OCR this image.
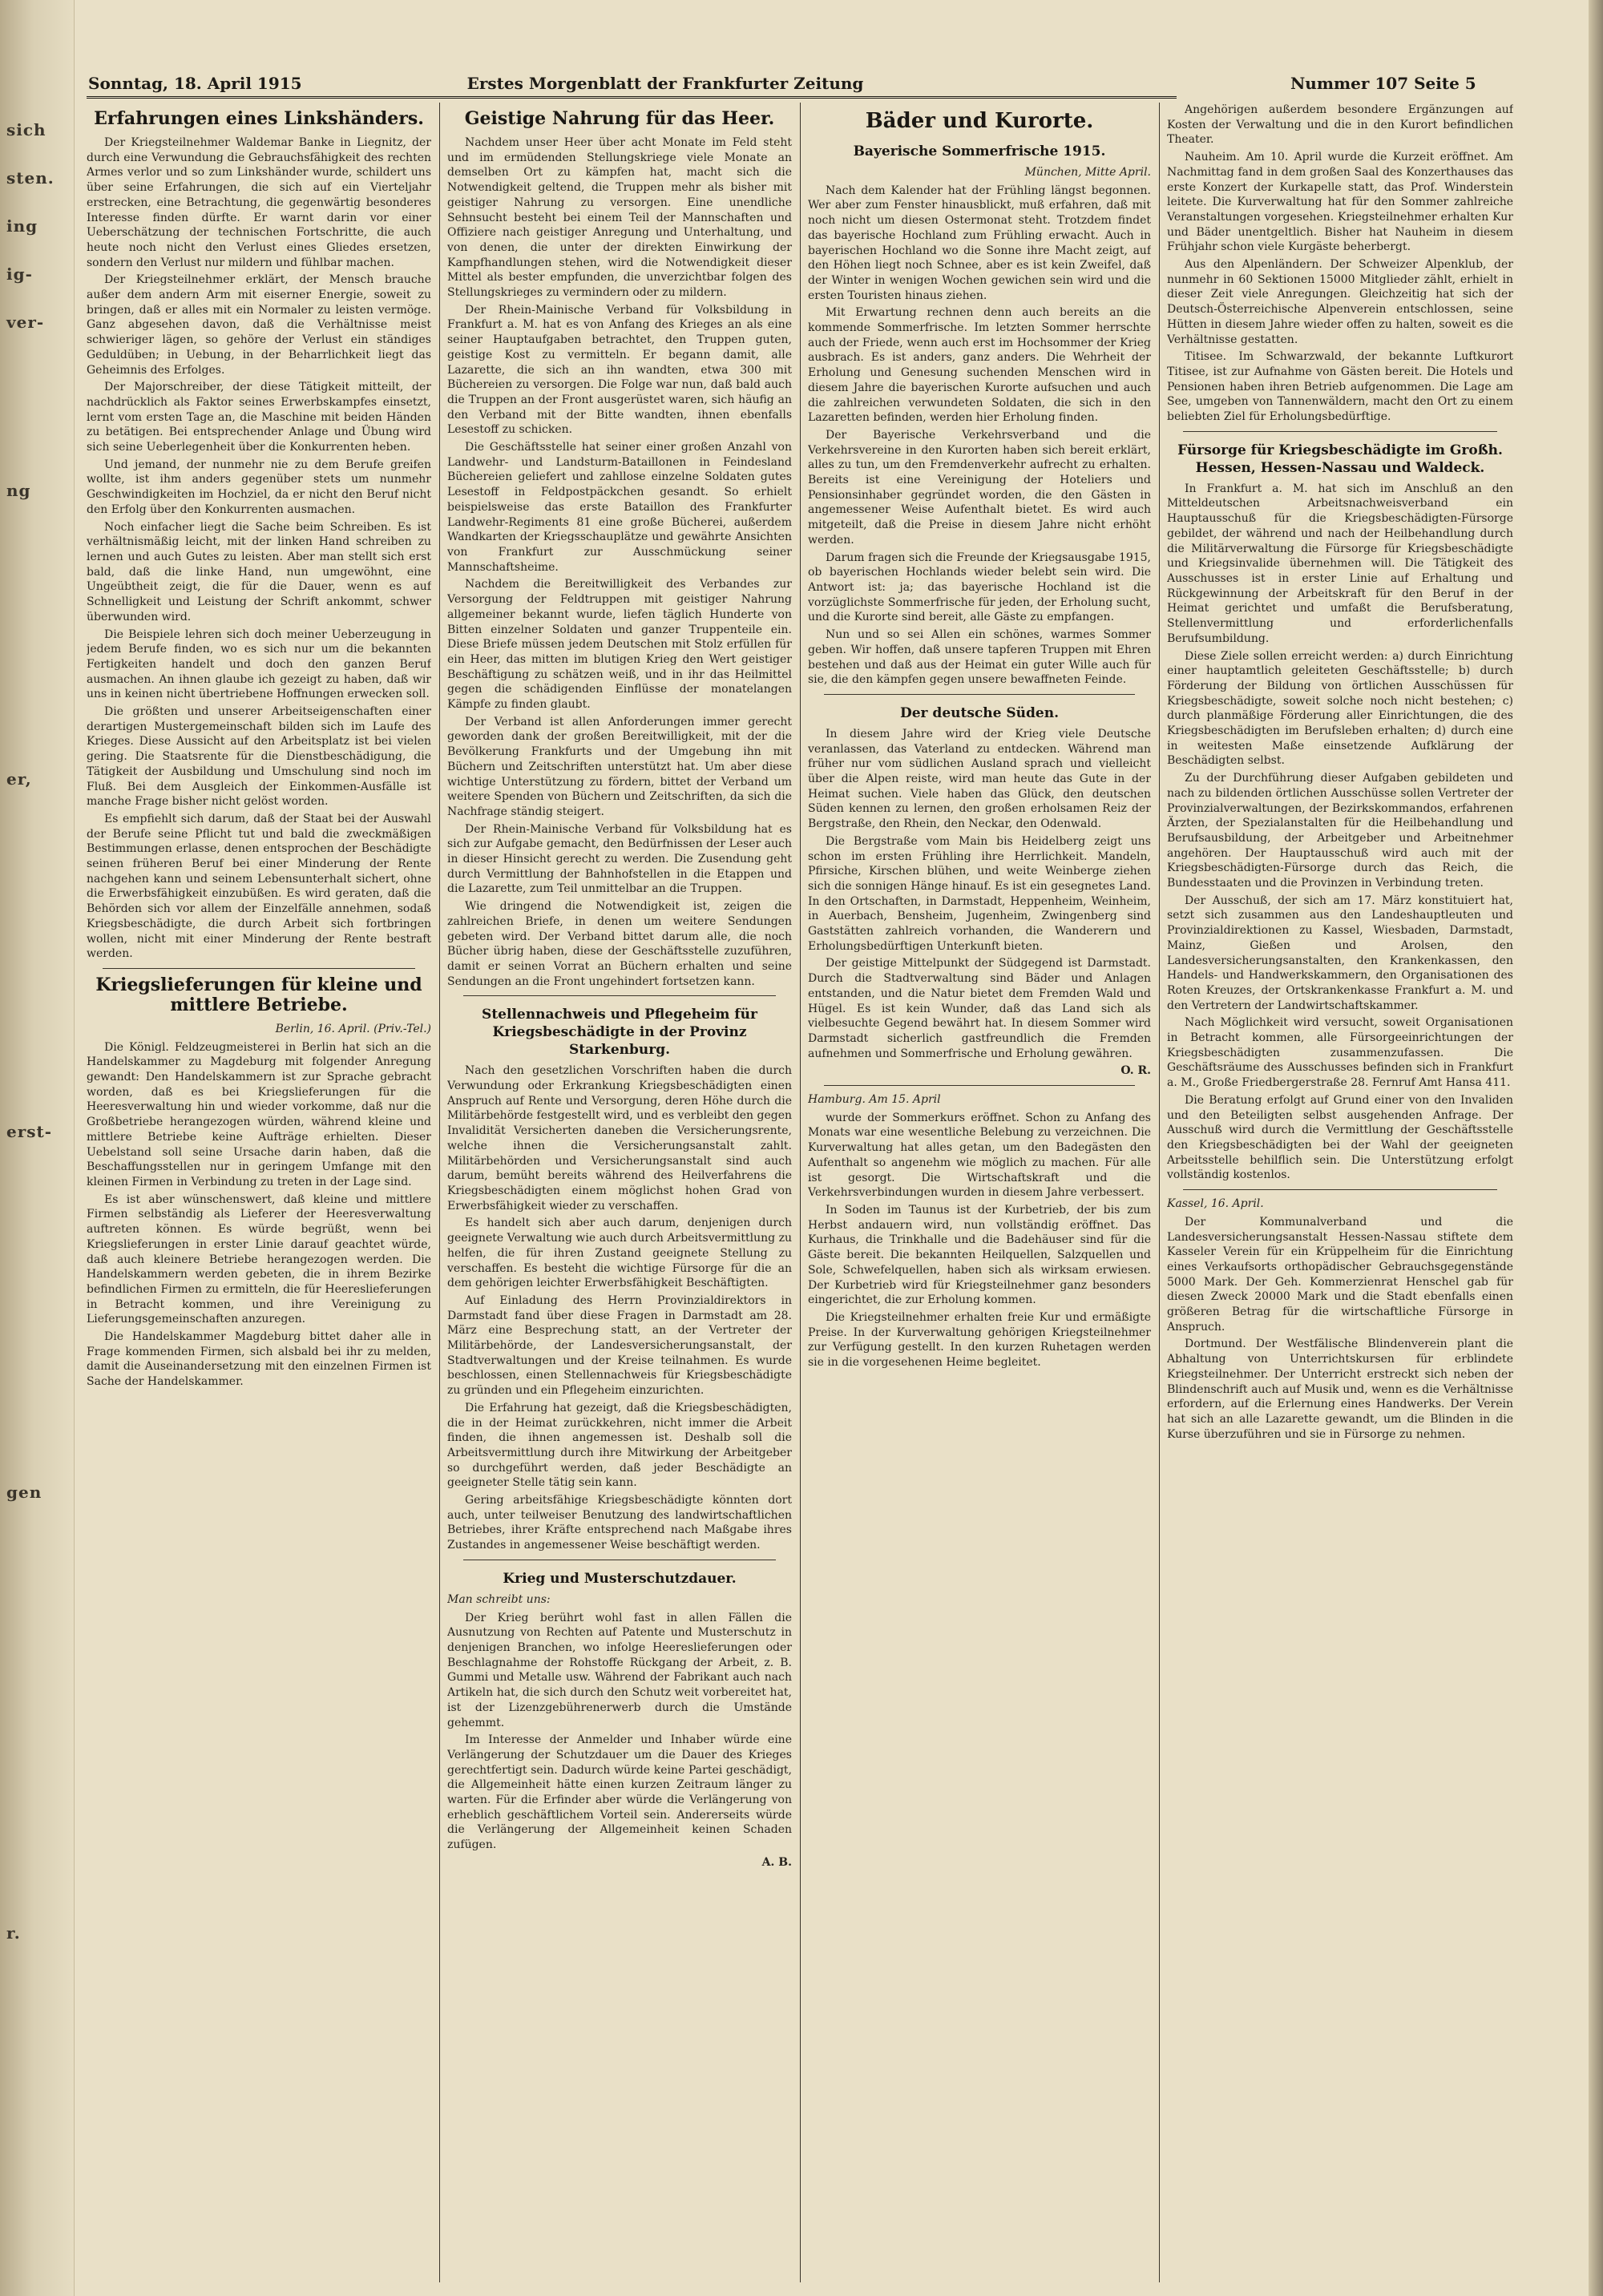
sich
sten.
ing
ig-
ver-
ng
er,
erst-
gen
r.
Sonntag, 18. April 1915	Erstes Morgenblatt der Frankfurter Zeitung	Nummer 107 Seite 5
Erfahrungen eines Linkshänders.

Der Kriegsteilnehmer Waldemar Banke in Liegnitz, der durch eine Verwundung die Gebrauchsfähigkeit des rechten Armes verlor und so zum Linkshänder wurde, schildert uns über seine Erfahrungen, die sich auf ein Vierteljahr erstrecken, eine Betrachtung, die gegenwärtig besonderes Interesse finden dürfte. Er warnt darin vor einer Ueberschätzung der technischen Fortschritte, die auch heute noch nicht den Verlust eines Gliedes ersetzen, sondern den Verlust nur mildern und fühlbar machen.

Der Kriegsteilnehmer erklärt, der Mensch brauche außer dem andern Arm mit eiserner Energie, soweit zu bringen, daß er alles mit ein Normaler zu leisten vermöge. Ganz abgesehen davon, daß die Verhältnisse meist schwieriger lägen, so gehöre der Verlust ein ständiges Geduldüben; in Uebung, in der Beharrlichkeit liegt das Geheimnis des Erfolges.

Der Majorschreiber, der diese Tätigkeit mitteilt, der nachdrücklich als Faktor seines Erwerbskampfes einsetzt, lernt vom ersten Tage an, die Maschine mit beiden Händen zu betätigen. Bei entsprechender Anlage und Übung wird sich seine Ueberlegenheit über die Konkurrenten heben.

Und jemand, der nunmehr nie zu dem Berufe greifen wollte, ist ihm anders gegenüber stets um nunmehr Geschwindigkeiten im Hochziel, da er nicht den Beruf nicht den Erfolg über den Konkurrenten ausmachen.

Noch einfacher liegt die Sache beim Schreiben. Es ist verhältnismäßig leicht, mit der linken Hand schreiben zu lernen und auch Gutes zu leisten. Aber man stellt sich erst bald, daß die linke Hand, nun umgewöhnt, eine Ungeübtheit zeigt, die für die Dauer, wenn es auf Schnelligkeit und Leistung der Schrift ankommt, schwer überwunden wird.

Die Beispiele lehren sich doch meiner Ueberzeugung in jedem Berufe finden, wo es sich nur um die bekannten Fertigkeiten handelt und doch den ganzen Beruf ausmachen. An ihnen glaube ich gezeigt zu haben, daß wir uns in keinen nicht übertriebene Hoffnungen erwecken soll.

Die größten und unserer Arbeitseigenschaften einer derartigen Mustergemeinschaft bilden sich im Laufe des Krieges. Diese Aussicht auf den Arbeitsplatz ist bei vielen gering. Die Staatsrente für die Dienstbeschädigung, die Tätigkeit der Ausbildung und Umschulung sind noch im Fluß. Bei dem Ausgleich der Einkommen-Ausfälle ist manche Frage bisher nicht gelöst worden.

Es empfiehlt sich darum, daß der Staat bei der Auswahl der Berufe seine Pflicht tut und bald die zweckmäßigen Bestimmungen erlasse, denen entsprochen der Beschädigte seinen früheren Beruf bei einer Minderung der Rente nachgehen kann und seinem Lebensunterhalt sichert, ohne die Erwerbsfähigkeit einzubüßen. Es wird geraten, daß die Behörden sich vor allem der Einzelfälle annehmen, sodaß Kriegsbeschädigte, die durch Arbeit sich fortbringen wollen, nicht mit einer Minderung der Rente bestraft werden.

Kriegslieferungen für kleine und mittlere Betriebe.

Berlin, 16. April. (Priv.-Tel.)

Die Königl. Feldzeugmeisterei in Berlin hat sich an die Handelskammer zu Magdeburg mit folgender Anregung gewandt: Den Handelskammern ist zur Sprache gebracht worden, daß es bei Kriegslieferungen für die Heeresverwaltung hin und wieder vorkomme, daß nur die Großbetriebe herangezogen würden, während kleine und mittlere Betriebe keine Aufträge erhielten. Dieser Uebelstand soll seine Ursache darin haben, daß die Beschaffungsstellen nur in geringem Umfange mit den kleinen Firmen in Verbindung zu treten in der Lage sind.

Es ist aber wünschenswert, daß kleine und mittlere Firmen selbständig als Lieferer der Heeresverwaltung auftreten können. Es würde begrüßt, wenn bei Kriegslieferungen in erster Linie darauf geachtet würde, daß auch kleinere Betriebe herangezogen werden. Die Handelskammern werden gebeten, die in ihrem Bezirke befindlichen Firmen zu ermitteln, die für Heereslieferungen in Betracht kommen, und ihre Vereinigung zu Lieferungsgemeinschaften anzuregen.

Die Handelskammer Magdeburg bittet daher alle in Frage kommenden Firmen, sich alsbald bei ihr zu melden, damit die Auseinandersetzung mit den einzelnen Firmen ist Sache der Handelskammer.

Geistige Nahrung für das Heer.

Nachdem unser Heer über acht Monate im Feld steht und im ermüdenden Stellungskriege viele Monate an demselben Ort zu kämpfen hat, macht sich die Notwendigkeit geltend, die Truppen mehr als bisher mit geistiger Nahrung zu versorgen. Eine unendliche Sehnsucht besteht bei einem Teil der Mannschaften und Offiziere nach geistiger Anregung und Unterhaltung, und von denen, die unter der direkten Einwirkung der Kampfhandlungen stehen, wird die Notwendigkeit dieser Mittel als bester empfunden, die unverzichtbar folgen des Stellungskrieges zu vermindern oder zu mildern.

Der Rhein-Mainische Verband für Volksbildung in Frankfurt a. M. hat es von Anfang des Krieges an als eine seiner Hauptaufgaben betrachtet, den Truppen guten, geistige Kost zu vermitteln. Er begann damit, alle Lazarette, die sich an ihn wandten, etwa 300 mit Büchereien zu versorgen. Die Folge war nun, daß bald auch die Truppen an der Front ausgerüstet waren, sich häufig an den Verband mit der Bitte wandten, ihnen ebenfalls Lesestoff zu schicken.

Die Geschäftsstelle hat seiner einer großen Anzahl von Landwehr- und Landsturm-Bataillonen in Feindesland Büchereien geliefert und zahllose einzelne Soldaten gutes Lesestoff in Feldpostpäckchen gesandt. So erhielt beispielsweise das erste Bataillon des Frankfurter Landwehr-Regiments 81 eine große Bücherei, außerdem Wandkarten der Kriegsschauplätze und gewährte Ansichten von Frankfurt zur Ausschmückung seiner Mannschaftsheime.

Nachdem die Bereitwilligkeit des Verbandes zur Versorgung der Feldtruppen mit geistiger Nahrung allgemeiner bekannt wurde, liefen täglich Hunderte von Bitten einzelner Soldaten und ganzer Truppenteile ein. Diese Briefe müssen jedem Deutschen mit Stolz erfüllen für ein Heer, das mitten im blutigen Krieg den Wert geistiger Beschäftigung zu schätzen weiß, und in ihr das Heilmittel gegen die schädigenden Einflüsse der monatelangen Kämpfe zu finden glaubt.

Der Verband ist allen Anforderungen immer gerecht geworden dank der großen Bereitwilligkeit, mit der die Bevölkerung Frankfurts und der Umgebung ihn mit Büchern und Zeitschriften unterstützt hat. Um aber diese wichtige Unterstützung zu fördern, bittet der Verband um weitere Spenden von Büchern und Zeitschriften, da sich die Nachfrage ständig steigert.

Der Rhein-Mainische Verband für Volksbildung hat es sich zur Aufgabe gemacht, den Bedürfnissen der Leser auch in dieser Hinsicht gerecht zu werden. Die Zusendung geht durch Vermittlung der Bahnhofstellen in die Etappen und die Lazarette, zum Teil unmittelbar an die Truppen.

Wie dringend die Notwendigkeit ist, zeigen die zahlreichen Briefe, in denen um weitere Sendungen gebeten wird. Der Verband bittet darum alle, die noch Bücher übrig haben, diese der Geschäftsstelle zuzuführen, damit er seinen Vorrat an Büchern erhalten und seine Sendungen an die Front ungehindert fortsetzen kann.

Stellennachweis und Pflegeheim für Kriegsbeschädigte in der Provinz Starkenburg.

Nach den gesetzlichen Vorschriften haben die durch Verwundung oder Erkrankung Kriegsbeschädigten einen Anspruch auf Rente und Versorgung, deren Höhe durch die Militärbehörde festgestellt wird, und es verbleibt den gegen Invalidität Versicherten daneben die Versicherungsrente, welche ihnen die Versicherungsanstalt zahlt. Militärbehörden und Versicherungsanstalt sind auch darum, bemüht bereits während des Heilverfahrens die Kriegsbeschädigten einem möglichst hohen Grad von Erwerbsfähigkeit wieder zu verschaffen.

Es handelt sich aber auch darum, denjenigen durch geeignete Verwaltung wie auch durch Arbeitsvermittlung zu helfen, die für ihren Zustand geeignete Stellung zu verschaffen. Es besteht die wichtige Fürsorge für die an dem gehörigen leichter Erwerbsfähigkeit Beschäftigten.

Auf Einladung des Herrn Provinzialdirektors in Darmstadt fand über diese Fragen in Darmstadt am 28. März eine Besprechung statt, an der Vertreter der Militärbehörde, der Landesversicherungsanstalt, der Stadtverwaltungen und der Kreise teilnahmen. Es wurde beschlossen, einen Stellennachweis für Kriegsbeschädigte zu gründen und ein Pflegeheim einzurichten.

Die Erfahrung hat gezeigt, daß die Kriegsbeschädigten, die in der Heimat zurückkehren, nicht immer die Arbeit finden, die ihnen angemessen ist. Deshalb soll die Arbeitsvermittlung durch ihre Mitwirkung der Arbeitgeber so durchgeführt werden, daß jeder Beschädigte an geeigneter Stelle tätig sein kann.

Gering arbeitsfähige Kriegsbeschädigte könnten dort auch, unter teilweiser Benutzung des landwirtschaftlichen Betriebes, ihrer Kräfte entsprechend nach Maßgabe ihres Zustandes in angemessener Weise beschäftigt werden.

Krieg und Musterschutzdauer.

Man schreibt uns:

Der Krieg berührt wohl fast in allen Fällen die Ausnutzung von Rechten auf Patente und Musterschutz in denjenigen Branchen, wo infolge Heereslieferungen oder Beschlagnahme der Rohstoffe Rückgang der Arbeit, z. B. Gummi und Metalle usw. Während der Fabrikant auch nach Artikeln hat, die sich durch den Schutz weit vorbereitet hat, ist der Lizenzgebührenerwerb durch die Umstände gehemmt.

Im Interesse der Anmelder und Inhaber würde eine Verlängerung der Schutzdauer um die Dauer des Krieges gerechtfertigt sein. Dadurch würde keine Partei geschädigt, die Allgemeinheit hätte einen kurzen Zeitraum länger zu warten. Für die Erfinder aber würde die Verlängerung von erheblich geschäftlichem Vorteil sein. Andererseits würde die Verlängerung der Allgemeinheit keinen Schaden zufügen.

A. B.

Bäder und Kurorte.
Bayerische Sommerfrische 1915.

München, Mitte April.

Nach dem Kalender hat der Frühling längst begonnen. Wer aber zum Fenster hinausblickt, muß erfahren, daß mit noch nicht um diesen Ostermonat steht. Trotzdem findet das bayerische Hochland zum Frühling erwacht. Auch in bayerischen Hochland wo die Sonne ihre Macht zeigt, auf den Höhen liegt noch Schnee, aber es ist kein Zweifel, daß der Winter in wenigen Wochen gewichen sein wird und die ersten Touristen hinaus ziehen.

Mit Erwartung rechnen denn auch bereits an die kommende Sommerfrische. Im letzten Sommer herrschte auch der Friede, wenn auch erst im Hochsommer der Krieg ausbrach. Es ist anders, ganz anders. Die Wehrheit der Erholung und Genesung suchenden Menschen wird in diesem Jahre die bayerischen Kurorte aufsuchen und auch die zahlreichen verwundeten Soldaten, die sich in den Lazaretten befinden, werden hier Erholung finden.

Der Bayerische Verkehrsverband und die Verkehrsvereine in den Kurorten haben sich bereit erklärt, alles zu tun, um den Fremdenverkehr aufrecht zu erhalten. Bereits ist eine Vereinigung der Hoteliers und Pensionsinhaber gegründet worden, die den Gästen in angemessener Weise Aufenthalt bietet. Es wird auch mitgeteilt, daß die Preise in diesem Jahre nicht erhöht werden.

Darum fragen sich die Freunde der Kriegsausgabe 1915, ob bayerischen Hochlands wieder belebt sein wird. Die Antwort ist: ja; das bayerische Hochland ist die vorzüglichste Sommerfrische für jeden, der Erholung sucht, und die Kurorte sind bereit, alle Gäste zu empfangen.

Nun und so sei Allen ein schönes, warmes Sommer geben. Wir hoffen, daß unsere tapferen Truppen mit Ehren bestehen und daß aus der Heimat ein guter Wille auch für sie, die den kämpfen gegen unsere bewaffneten Feinde.

Der deutsche Süden.

In diesem Jahre wird der Krieg viele Deutsche veranlassen, das Vaterland zu entdecken. Während man früher nur vom südlichen Ausland sprach und vielleicht über die Alpen reiste, wird man heute das Gute in der Heimat suchen. Viele haben das Glück, den deutschen Süden kennen zu lernen, den großen erholsamen Reiz der Bergstraße, den Rhein, den Neckar, den Odenwald.

Die Bergstraße vom Main bis Heidelberg zeigt uns schon im ersten Frühling ihre Herrlichkeit. Mandeln, Pfirsiche, Kirschen blühen, und weite Weinberge ziehen sich die sonnigen Hänge hinauf. Es ist ein gesegnetes Land. In den Ortschaften, in Darmstadt, Heppenheim, Weinheim, in Auerbach, Bensheim, Jugenheim, Zwingenberg sind Gaststätten zahlreich vorhanden, die Wanderern und Erholungsbedürftigen Unterkunft bieten.

Der geistige Mittelpunkt der Südgegend ist Darmstadt. Durch die Stadtverwaltung sind Bäder und Anlagen entstanden, und die Natur bietet dem Fremden Wald und Hügel. Es ist kein Wunder, daß das Land sich als vielbesuchte Gegend bewährt hat. In diesem Sommer wird Darmstadt sicherlich gastfreundlich die Fremden aufnehmen und Sommerfrische und Erholung gewähren.

O. R.

Hamburg. Am 15. April

wurde der Sommerkurs eröffnet. Schon zu Anfang des Monats war eine wesentliche Belebung zu verzeichnen. Die Kurverwaltung hat alles getan, um den Badegästen den Aufenthalt so angenehm wie möglich zu machen. Für alle ist gesorgt. Die Wirtschaftskraft und die Verkehrsverbindungen wurden in diesem Jahre verbessert.

In Soden im Taunus ist der Kurbetrieb, der bis zum Herbst andauern wird, nun vollständig eröffnet. Das Kurhaus, die Trinkhalle und die Badehäuser sind für die Gäste bereit. Die bekannten Heilquellen, Salzquellen und Sole, Schwefelquellen, haben sich als wirksam erwiesen. Der Kurbetrieb wird für Kriegsteilnehmer ganz besonders eingerichtet, die zur Erholung kommen.

Die Kriegsteilnehmer erhalten freie Kur und ermäßigte Preise. In der Kurverwaltung gehörigen Kriegsteilnehmer zur Verfügung gestellt. In den kurzen Ruhetagen werden sie in die vorgesehenen Heime begleitet.

Angehörigen außerdem besondere Ergänzungen auf Kosten der Verwaltung und die in den Kurort befindlichen Theater.

Nauheim. Am 10. April wurde die Kurzeit eröffnet. Am Nachmittag fand in dem großen Saal des Konzerthauses das erste Konzert der Kurkapelle statt, das Prof. Winderstein leitete. Die Kurverwaltung hat für den Sommer zahlreiche Veranstaltungen vorgesehen. Kriegsteilnehmer erhalten Kur und Bäder unentgeltlich. Bisher hat Nauheim in diesem Frühjahr schon viele Kurgäste beherbergt.

Aus den Alpenländern. Der Schweizer Alpenklub, der nunmehr in 60 Sektionen 15000 Mitglieder zählt, erhielt in dieser Zeit viele Anregungen. Gleichzeitig hat sich der Deutsch-Österreichische Alpenverein entschlossen, seine Hütten in diesem Jahre wieder offen zu halten, soweit es die Verhältnisse gestatten.

Titisee. Im Schwarzwald, der bekannte Luftkurort Titisee, ist zur Aufnahme von Gästen bereit. Die Hotels und Pensionen haben ihren Betrieb aufgenommen. Die Lage am See, umgeben von Tannenwäldern, macht den Ort zu einem beliebten Ziel für Erholungsbedürftige.

Fürsorge für Kriegsbeschädigte im Großh. Hessen, Hessen-Nassau und Waldeck.

In Frankfurt a. M. hat sich im Anschluß an den Mitteldeutschen Arbeitsnachweisverband ein Hauptausschuß für die Kriegsbeschädigten-Fürsorge gebildet, der während und nach der Heilbehandlung durch die Militärverwaltung die Fürsorge für Kriegsbeschädigte und Kriegsinvalide übernehmen will. Die Tätigkeit des Ausschusses ist in erster Linie auf Erhaltung und Rückgewinnung der Arbeitskraft für den Beruf in der Heimat gerichtet und umfaßt die Berufsberatung, Stellenvermittlung und erforderlichenfalls Berufsumbildung.

Diese Ziele sollen erreicht werden: a) durch Einrichtung einer hauptamtlich geleiteten Geschäftsstelle; b) durch Förderung der Bildung von örtlichen Ausschüssen für Kriegsbeschädigte, soweit solche noch nicht bestehen; c) durch planmäßige Förderung aller Einrichtungen, die des Kriegsbeschädigten im Berufsleben erhalten; d) durch eine in weitesten Maße einsetzende Aufklärung der Beschädigten selbst.

Zu der Durchführung dieser Aufgaben gebildeten und nach zu bildenden örtlichen Ausschüsse sollen Vertreter der Provinzialverwaltungen, der Bezirkskommandos, erfahrenen Ärzten, der Spezialanstalten für die Heilbehandlung und Berufsausbildung, der Arbeitgeber und Arbeitnehmer angehören. Der Hauptausschuß wird auch mit der Kriegsbeschädigten-Fürsorge durch das Reich, die Bundesstaaten und die Provinzen in Verbindung treten.

Der Ausschuß, der sich am 17. März konstituiert hat, setzt sich zusammen aus den Landeshauptleuten und Provinzialdirektionen zu Kassel, Wiesbaden, Darmstadt, Mainz, Gießen und Arolsen, den Landesversicherungsanstalten, den Krankenkassen, den Handels- und Handwerkskammern, den Organisationen des Roten Kreuzes, der Ortskrankenkasse Frankfurt a. M. und den Vertretern der Landwirtschaftskammer.

Nach Möglichkeit wird versucht, soweit Organisationen in Betracht kommen, alle Fürsorgeeinrichtungen der Kriegsbeschädigten zusammenzufassen. Die Geschäftsräume des Ausschusses befinden sich in Frankfurt a. M., Große Friedbergerstraße 28. Fernruf Amt Hansa 411.

Die Beratung erfolgt auf Grund einer von den Invaliden und den Beteiligten selbst ausgehenden Anfrage. Der Ausschuß wird durch die Vermittlung der Geschäftsstelle den Kriegsbeschädigten bei der Wahl der geeigneten Arbeitsstelle behilflich sein. Die Unterstützung erfolgt vollständig kostenlos.

Kassel, 16. April.

Der Kommunalverband und die Landesversicherungsanstalt Hessen-Nassau stiftete dem Kasseler Verein für ein Krüppelheim für die Einrichtung eines Verkaufsorts orthopädischer Gebrauchsgegenstände 5000 Mark. Der Geh. Kommerzienrat Henschel gab für diesen Zweck 20000 Mark und die Stadt ebenfalls einen größeren Betrag für die wirtschaftliche Fürsorge in Anspruch.

Dortmund. Der Westfälische Blindenverein plant die Abhaltung von Unterrichtskursen für erblindete Kriegsteilnehmer. Der Unterricht erstreckt sich neben der Blindenschrift auch auf Musik und, wenn es die Verhältnisse erfordern, auf die Erlernung eines Handwerks. Der Verein hat sich an alle Lazarette gewandt, um die Blinden in die Kurse überzuführen und sie in Fürsorge zu nehmen.
